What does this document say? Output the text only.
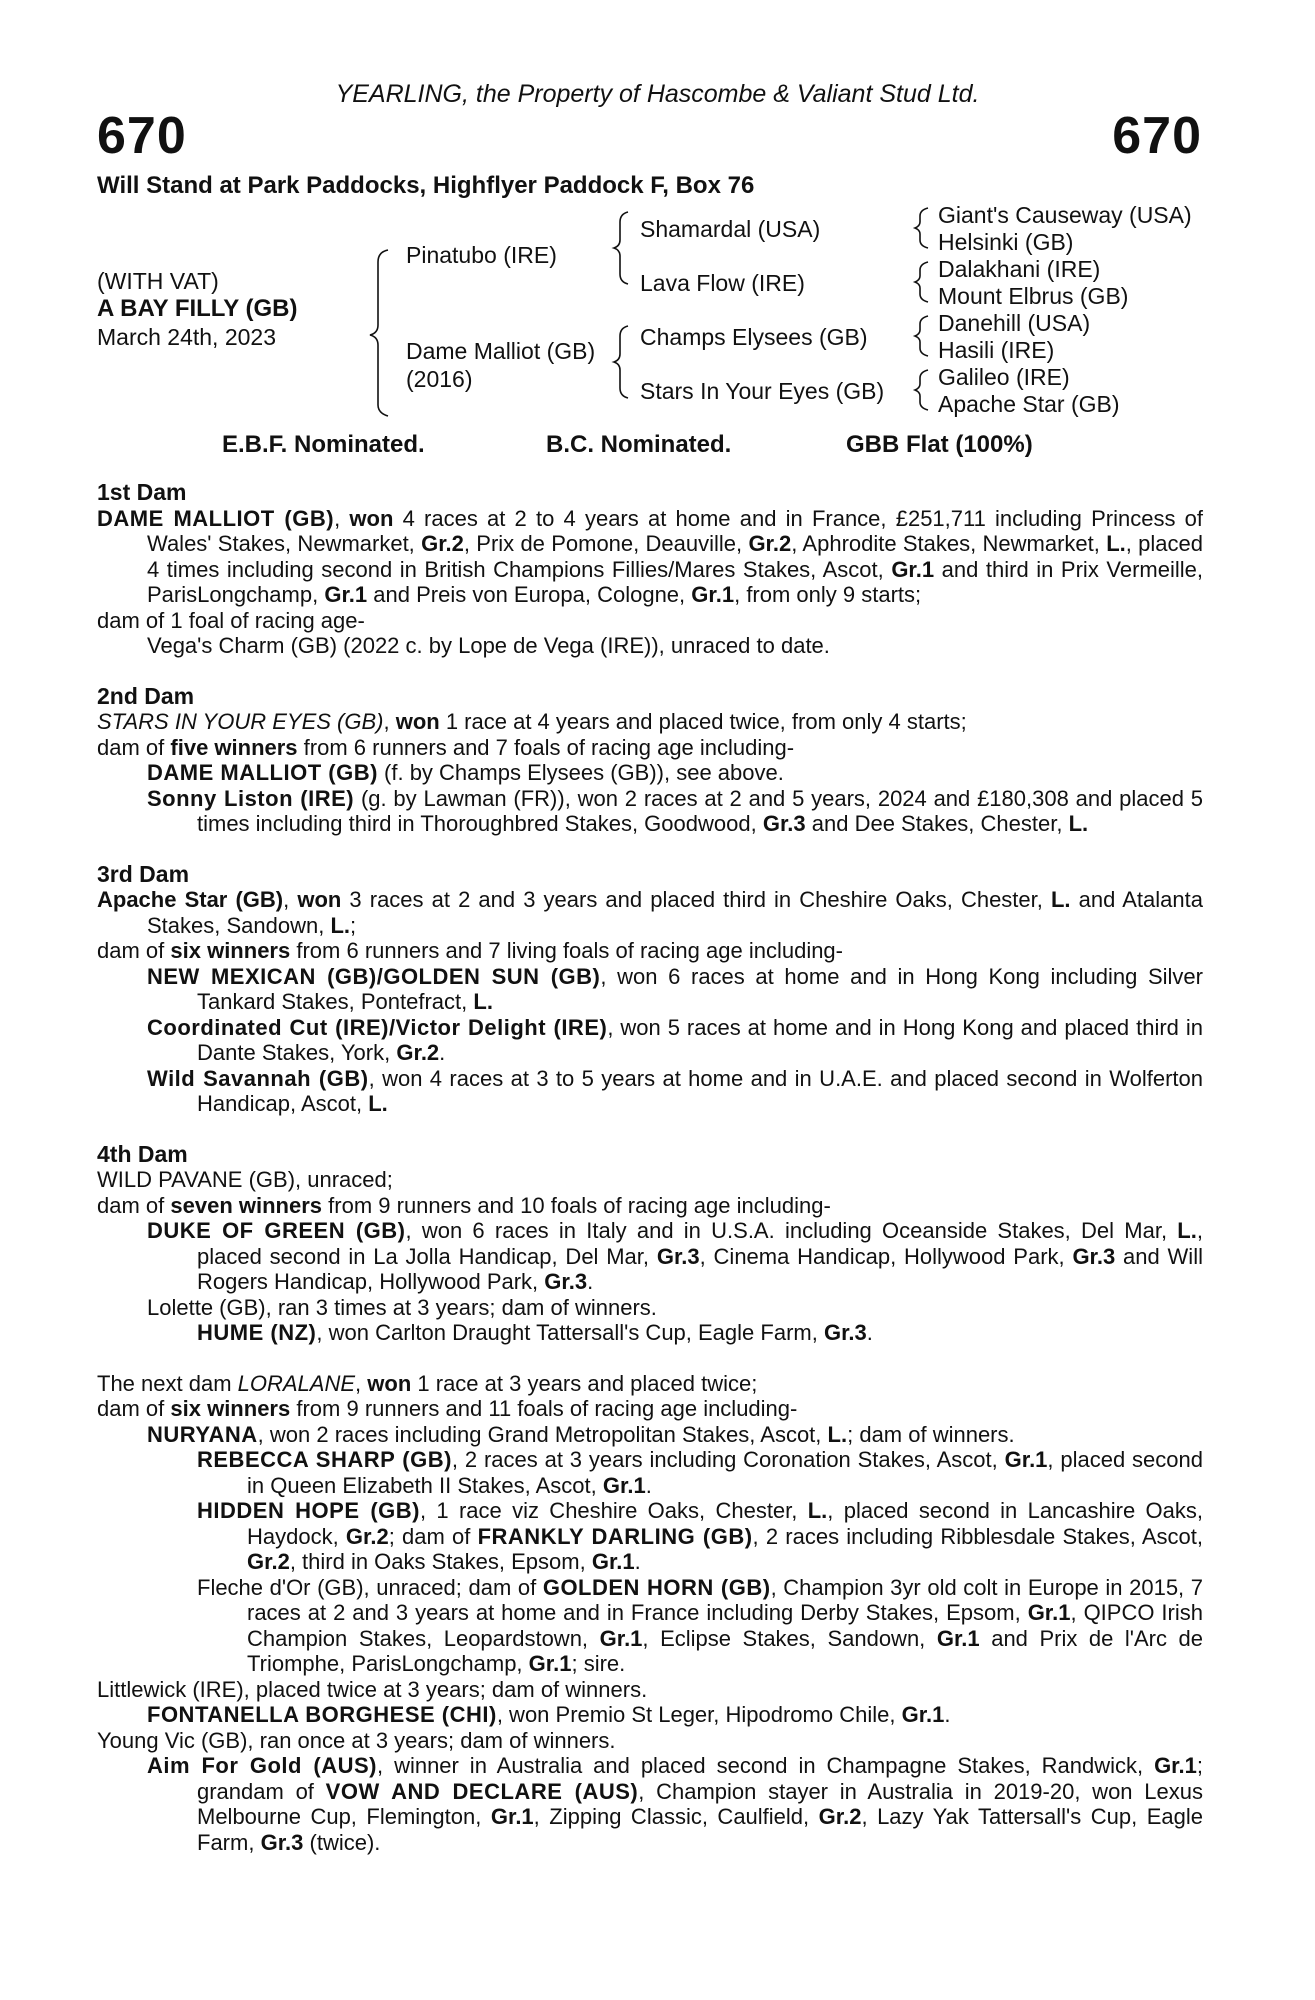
YEARLING, the Property of Hascombe & Valiant Stud Ltd.
670	670
Will Stand at Park Paddocks, Highflyer Paddock F, Box 76
(WITH VAT)
A BAY FILLY (GB)
March 24th, 2023
Pinatubo (IRE)
Dame Malliot (GB)
(2016)
Shamardal (USA)
Lava Flow (IRE)
Champs Elysees (GB)
Stars In Your Eyes (GB)
Giant's Causeway (USA)
Helsinki (GB)
Dalakhani (IRE)
Mount Elbrus (GB)
Danehill (USA)
Hasili (IRE)
Galileo (IRE)
Apache Star (GB)
E.B.F. Nominated.	B.C. Nominated.	GBB Flat (100%)

1st Dam

DAME MALLIOT (GB), won 4 races at 2 to 4 years at home and in France, £251,711 including Princess of Wales' Stakes, Newmarket, Gr.2, Prix de Pomone, Deauville, Gr.2, Aphrodite Stakes, Newmarket, L., placed 4 times including second in British Champions Fillies/Mares Stakes, Ascot, Gr.1 and third in Prix Vermeille, ParisLongchamp, Gr.1 and Preis von Europa, Cologne, Gr.1, from only 9 starts;

dam of 1 foal of racing age-

Vega's Charm (GB) (2022 c. by Lope de Vega (IRE)), unraced to date.

2nd Dam

STARS IN YOUR EYES (GB), won 1 race at 4 years and placed twice, from only 4 starts;

dam of five winners from 6 runners and 7 foals of racing age including-

DAME MALLIOT (GB) (f. by Champs Elysees (GB)), see above.

Sonny Liston (IRE) (g. by Lawman (FR)), won 2 races at 2 and 5 years, 2024 and £180,308 and placed 5 times including third in Thoroughbred Stakes, Goodwood, Gr.3 and Dee Stakes, Chester, L.

3rd Dam

Apache Star (GB), won 3 races at 2 and 3 years and placed third in Cheshire Oaks, Chester, L. and Atalanta Stakes, Sandown, L.;

dam of six winners from 6 runners and 7 living foals of racing age including-

NEW MEXICAN (GB)/GOLDEN SUN (GB), won 6 races at home and in Hong Kong including Silver Tankard Stakes, Pontefract, L.

Coordinated Cut (IRE)/Victor Delight (IRE), won 5 races at home and in Hong Kong and placed third in Dante Stakes, York, Gr.2.

Wild Savannah (GB), won 4 races at 3 to 5 years at home and in U.A.E. and placed second in Wolferton Handicap, Ascot, L.

4th Dam

WILD PAVANE (GB), unraced;

dam of seven winners from 9 runners and 10 foals of racing age including-

DUKE OF GREEN (GB), won 6 races in Italy and in U.S.A. including Oceanside Stakes, Del Mar, L., placed second in La Jolla Handicap, Del Mar, Gr.3, Cinema Handicap, Hollywood Park, Gr.3 and Will Rogers Handicap, Hollywood Park, Gr.3.

Lolette (GB), ran 3 times at 3 years; dam of winners.

HUME (NZ), won Carlton Draught Tattersall's Cup, Eagle Farm, Gr.3.

The next dam LORALANE, won 1 race at 3 years and placed twice;

dam of six winners from 9 runners and 11 foals of racing age including-

NURYANA, won 2 races including Grand Metropolitan Stakes, Ascot, L.; dam of winners.

REBECCA SHARP (GB), 2 races at 3 years including Coronation Stakes, Ascot, Gr.1, placed second in Queen Elizabeth II Stakes, Ascot, Gr.1.

HIDDEN HOPE (GB), 1 race viz Cheshire Oaks, Chester, L., placed second in Lancashire Oaks, Haydock, Gr.2; dam of FRANKLY DARLING (GB), 2 races including Ribblesdale Stakes, Ascot, Gr.2, third in Oaks Stakes, Epsom, Gr.1.

Fleche d'Or (GB), unraced; dam of GOLDEN HORN (GB), Champion 3yr old colt in Europe in 2015, 7 races at 2 and 3 years at home and in France including Derby Stakes, Epsom, Gr.1, QIPCO Irish Champion Stakes, Leopardstown, Gr.1, Eclipse Stakes, Sandown, Gr.1 and Prix de l'Arc de Triomphe, ParisLongchamp, Gr.1; sire.

Littlewick (IRE), placed twice at 3 years; dam of winners.

FONTANELLA BORGHESE (CHI), won Premio St Leger, Hipodromo Chile, Gr.1.

Young Vic (GB), ran once at 3 years; dam of winners.

Aim For Gold (AUS), winner in Australia and placed second in Champagne Stakes, Randwick, Gr.1; grandam of VOW AND DECLARE (AUS), Champion stayer in Australia in 2019-20, won Lexus Melbourne Cup, Flemington, Gr.1, Zipping Classic, Caulfield, Gr.2, Lazy Yak Tattersall's Cup, Eagle Farm, Gr.3 (twice).
